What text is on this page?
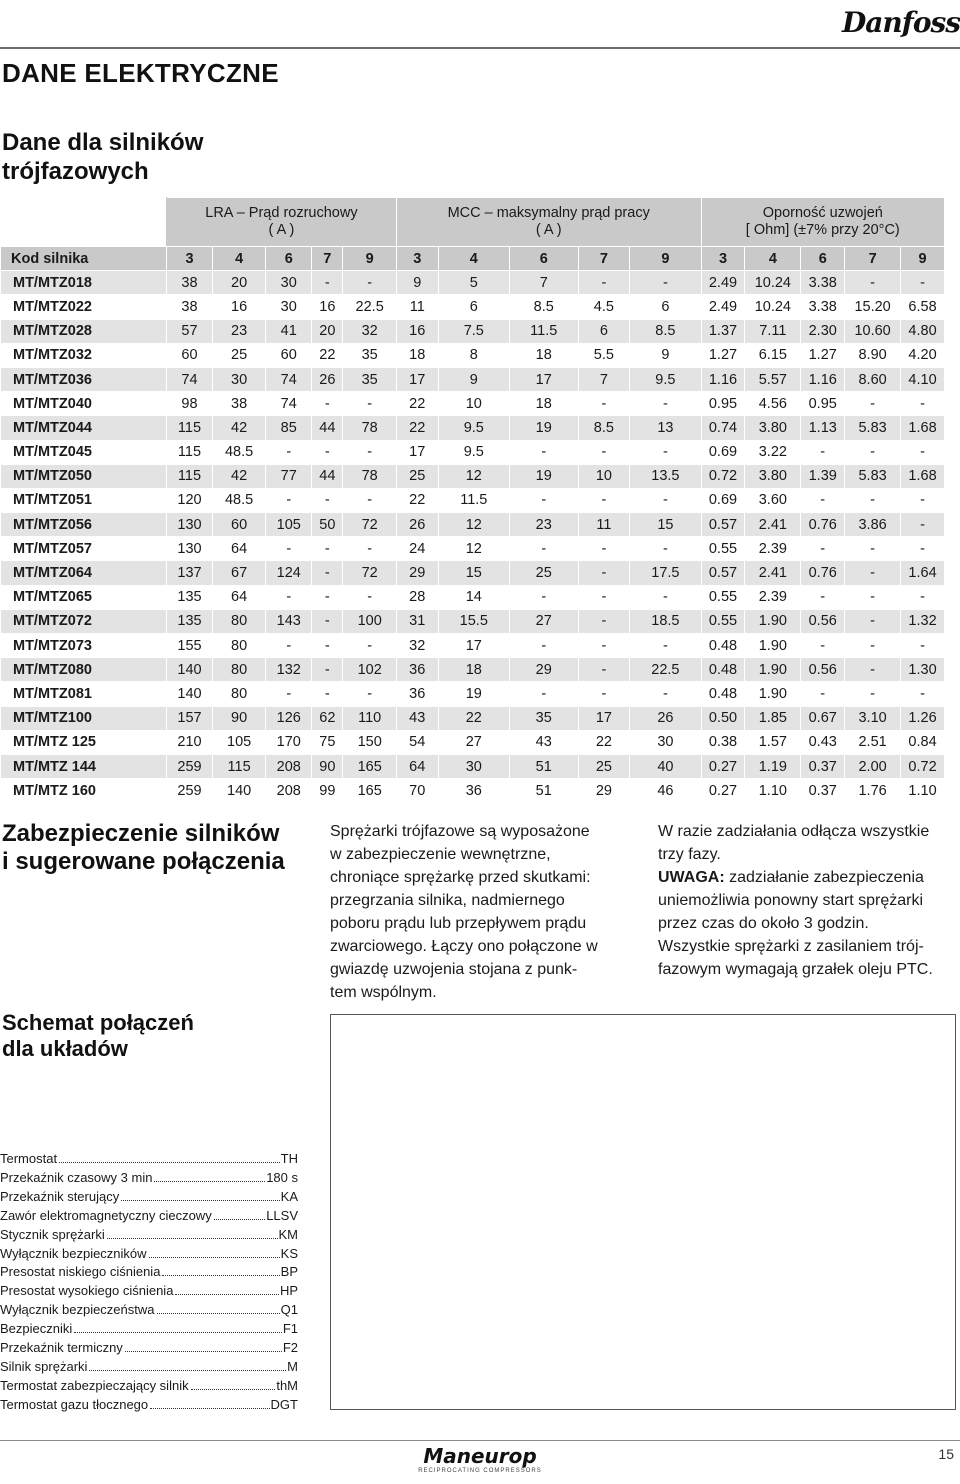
Danfoss
DANE ELEKTRYCZNE
Dane dla silników
trójfazowych
	LRA – Prąd rozruchowy
( A )					MCC – maksymalny prąd pracy
( A )					Oporność uzwojeń
[ Ohm] (±7% przy 20°C)				
Kod silnika	3	4	6	7	9	3	4	6	7	9	3	4	6	7	9
MT/MTZ018	38	20	30	-	-	9	5	7	-	-	2.49	10.24	3.38	-	-
MT/MTZ022	38	16	30	16	22.5	11	6	8.5	4.5	6	2.49	10.24	3.38	15.20	6.58
MT/MTZ028	57	23	41	20	32	16	7.5	11.5	6	8.5	1.37	7.11	2.30	10.60	4.80
MT/MTZ032	60	25	60	22	35	18	8	18	5.5	9	1.27	6.15	1.27	8.90	4.20
MT/MTZ036	74	30	74	26	35	17	9	17	7	9.5	1.16	5.57	1.16	8.60	4.10
MT/MTZ040	98	38	74	-	-	22	10	18	-	-	0.95	4.56	0.95	-	-
MT/MTZ044	115	42	85	44	78	22	9.5	19	8.5	13	0.74	3.80	1.13	5.83	1.68
MT/MTZ045	115	48.5	-	-	-	17	9.5	-	-	-	0.69	3.22	-	-	-
MT/MTZ050	115	42	77	44	78	25	12	19	10	13.5	0.72	3.80	1.39	5.83	1.68
MT/MTZ051	120	48.5	-	-	-	22	11.5	-	-	-	0.69	3.60	-	-	-
MT/MTZ056	130	60	105	50	72	26	12	23	11	15	0.57	2.41	0.76	3.86	-
MT/MTZ057	130	64	-	-	-	24	12	-	-	-	0.55	2.39	-	-	-
MT/MTZ064	137	67	124	-	72	29	15	25	-	17.5	0.57	2.41	0.76	-	1.64
MT/MTZ065	135	64	-	-	-	28	14	-	-	-	0.55	2.39	-	-	-
MT/MTZ072	135	80	143	-	100	31	15.5	27	-	18.5	0.55	1.90	0.56	-	1.32
MT/MTZ073	155	80	-	-	-	32	17	-	-	-	0.48	1.90	-	-	-
MT/MTZ080	140	80	132	-	102	36	18	29	-	22.5	0.48	1.90	0.56	-	1.30
MT/MTZ081	140	80	-	-	-	36	19	-	-	-	0.48	1.90	-	-	-
MT/MTZ100	157	90	126	62	110	43	22	35	17	26	0.50	1.85	0.67	3.10	1.26
MT/MTZ 125	210	105	170	75	150	54	27	43	22	30	0.38	1.57	0.43	2.51	0.84
MT/MTZ 144	259	115	208	90	165	64	30	51	25	40	0.27	1.19	0.37	2.00	0.72
MT/MTZ 160	259	140	208	99	165	70	36	51	29	46	0.27	1.10	0.37	1.76	1.10
Zabezpieczenie silników
i sugerowane połączenia
Sprężarki trójfazowe są wyposażone
w zabezpieczenie wewnętrzne,
chroniące sprężarkę przed skutkami:
przegrzania silnika, nadmiernego
poboru prądu lub przepływem prądu
zwarciowego. Łączy ono połączone w
gwiazdę uzwojenia stojana z punk-
tem wspólnym.
W razie zadziałania odłącza wszystkie
trzy fazy.
UWAGA: zadziałanie zabezpieczenia
uniemożliwia ponowny start sprężarki
przez czas do około 3 godzin.
Wszystkie sprężarki z zasilaniem trój-
fazowym wymagają grzałek oleju PTC.
Schemat połączeń
dla układów
Termostat	TH
Przekaźnik czasowy 3 min	180 s
Przekaźnik sterujący	KA
Zawór elektromagnetyczny cieczowy	LLSV
Stycznik sprężarki	KM
Wyłącznik bezpieczników	KS
Presostat niskiego ciśnienia	BP
Presostat wysokiego ciśnienia	HP
Wyłącznik bezpieczeństwa	Q1
Bezpieczniki	F1
Przekaźnik termiczny	F2
Silnik sprężarki	M
Termostat zabezpieczający silnik	thM
Termostat gazu tłocznego	DGT
Maneurop
RECIPROCATING COMPRESSORS
15
